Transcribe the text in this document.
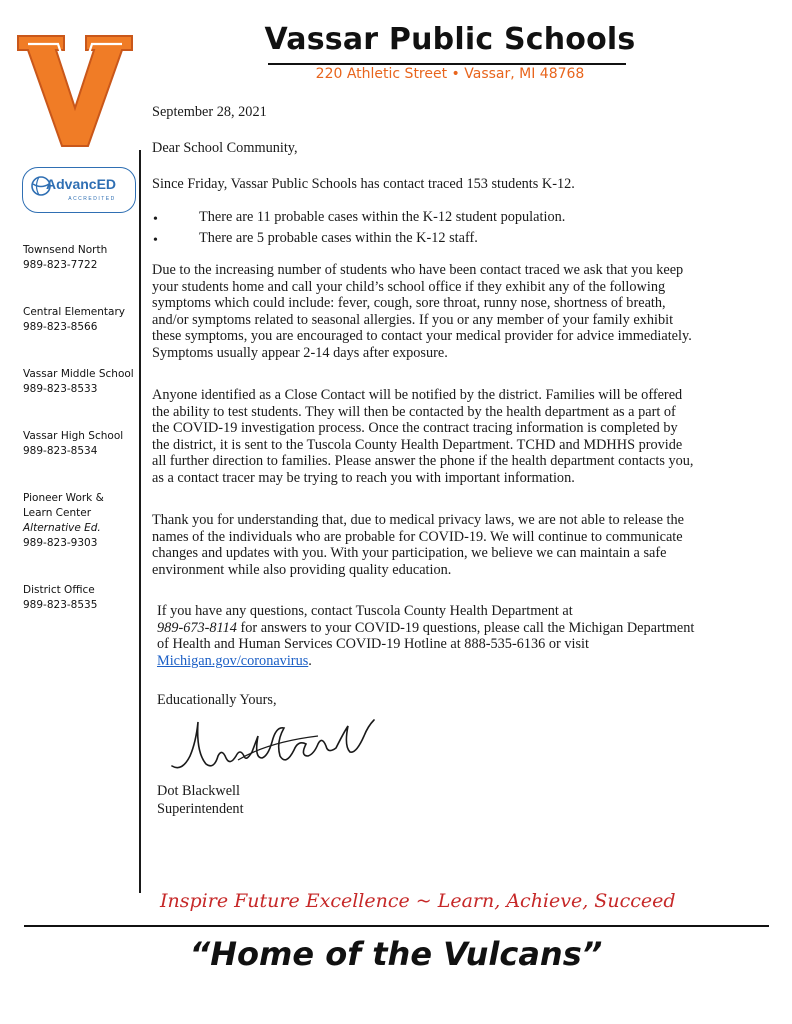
Vassar Public Schools
220 Athletic Street • Vassar, MI 48768
AdvancED
ACCREDITED
Townsend North
989-823-7722
Central Elementary
989-823-8566
Vassar Middle School
989-823-8533
Vassar High School
989-823-8534
Pioneer Work &
Learn Center
Alternative Ed.
989-823-9303
District Office
989-823-8535
September 28, 2021
Dear School Community,
Since Friday, Vassar Public Schools has contact traced 153 students K-12.
•	There are 11 probable cases within the K-12 student population.
•	There are 5 probable cases within the K-12 staff.
Due to the increasing number of students who have been contact traced we ask that you keep
your students home and call your child’s school office if they exhibit any of the following
symptoms which could include: fever, cough, sore throat, runny nose, shortness of breath,
and/or symptoms related to seasonal allergies. If you or any member of your family exhibit
these symptoms, you are encouraged to contact your medical provider for advice immediately.
Symptoms usually appear 2-14 days after exposure.
Anyone identified as a Close Contact will be notified by the district. Families will be offered
the ability to test students. They will then be contacted by the health department as a part of
the COVID-19 investigation process. Once the contract tracing information is completed by
the district, it is sent to the Tuscola County Health Department. TCHD and MDHHS provide
all further direction to families. Please answer the phone if the health department contacts you,
as a contact tracer may be trying to reach you with important information.
Thank you for understanding that, due to medical privacy laws, we are not able to release the
names of the individuals who are probable for COVID-19. We will continue to communicate
changes and updates with you. With your participation, we believe we can maintain a safe
environment while also providing quality education.
If you have any questions, contact Tuscola County Health Department at
989-673-8114 for answers to your COVID-19 questions, please call the Michigan Department
of Health and Human Services COVID-19 Hotline at 888-535-6136 or visit
Michigan.gov/coronavirus.
Educationally Yours,
Dot Blackwell
Superintendent
Inspire Future Excellence ~ Learn, Achieve, Succeed
“Home of the Vulcans”
